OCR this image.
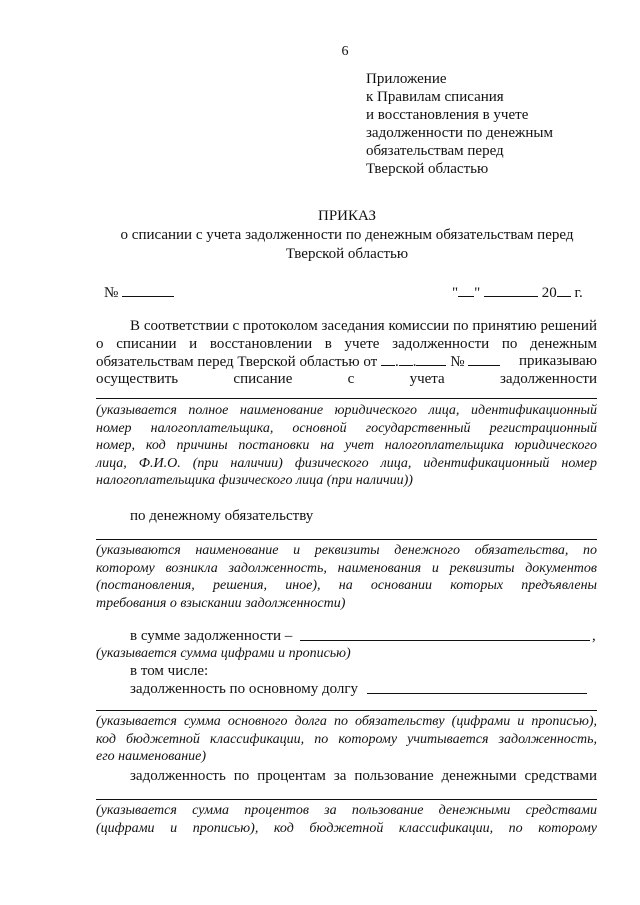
6
Приложение
к Правилам списания
и восстановления в учете
задолженности по денежным
обязательствам перед
Тверской областью
ПРИКАЗ
о списании с учета задолженности по денежным обязательствам перед
Тверской областью
№	" "	20 г.
В соответствии с протоколом заседания комиссии по принятию решений
о списании и восстановлении в учете задолженности по денежным
обязательствам перед Тверской областью от . . №	приказываю
осуществить	списание	с	учета	задолженности
(указывается полное наименование юридического лица, идентификационный
номер налогоплательщика, основной государственный регистрационный
номер, код причины постановки на учет налогоплательщика юридического
лица, Ф.И.О. (при наличии) физического лица, идентификационный номер
налогоплательщика физического лица (при наличии))
по денежному обязательству
(указываются наименование и реквизиты денежного обязательства, по
которому возникла задолженность, наименования и реквизиты документов
(постановления, решения, иное), на основании которых предъявлены
требования о взыскании задолженности)
в сумме задолженности –	,
(указывается сумма цифрами и прописью)
в том числе:
задолженность по основному долгу
(указывается сумма основного долга по обязательству (цифрами и прописью),
код бюджетной классификации, по которому учитывается задолженность,
его наименование)
задолженность по процентам за пользование денежными средствами
(указывается сумма процентов за пользование денежными средствами
(цифрами и прописью), код бюджетной классификации, по которому
